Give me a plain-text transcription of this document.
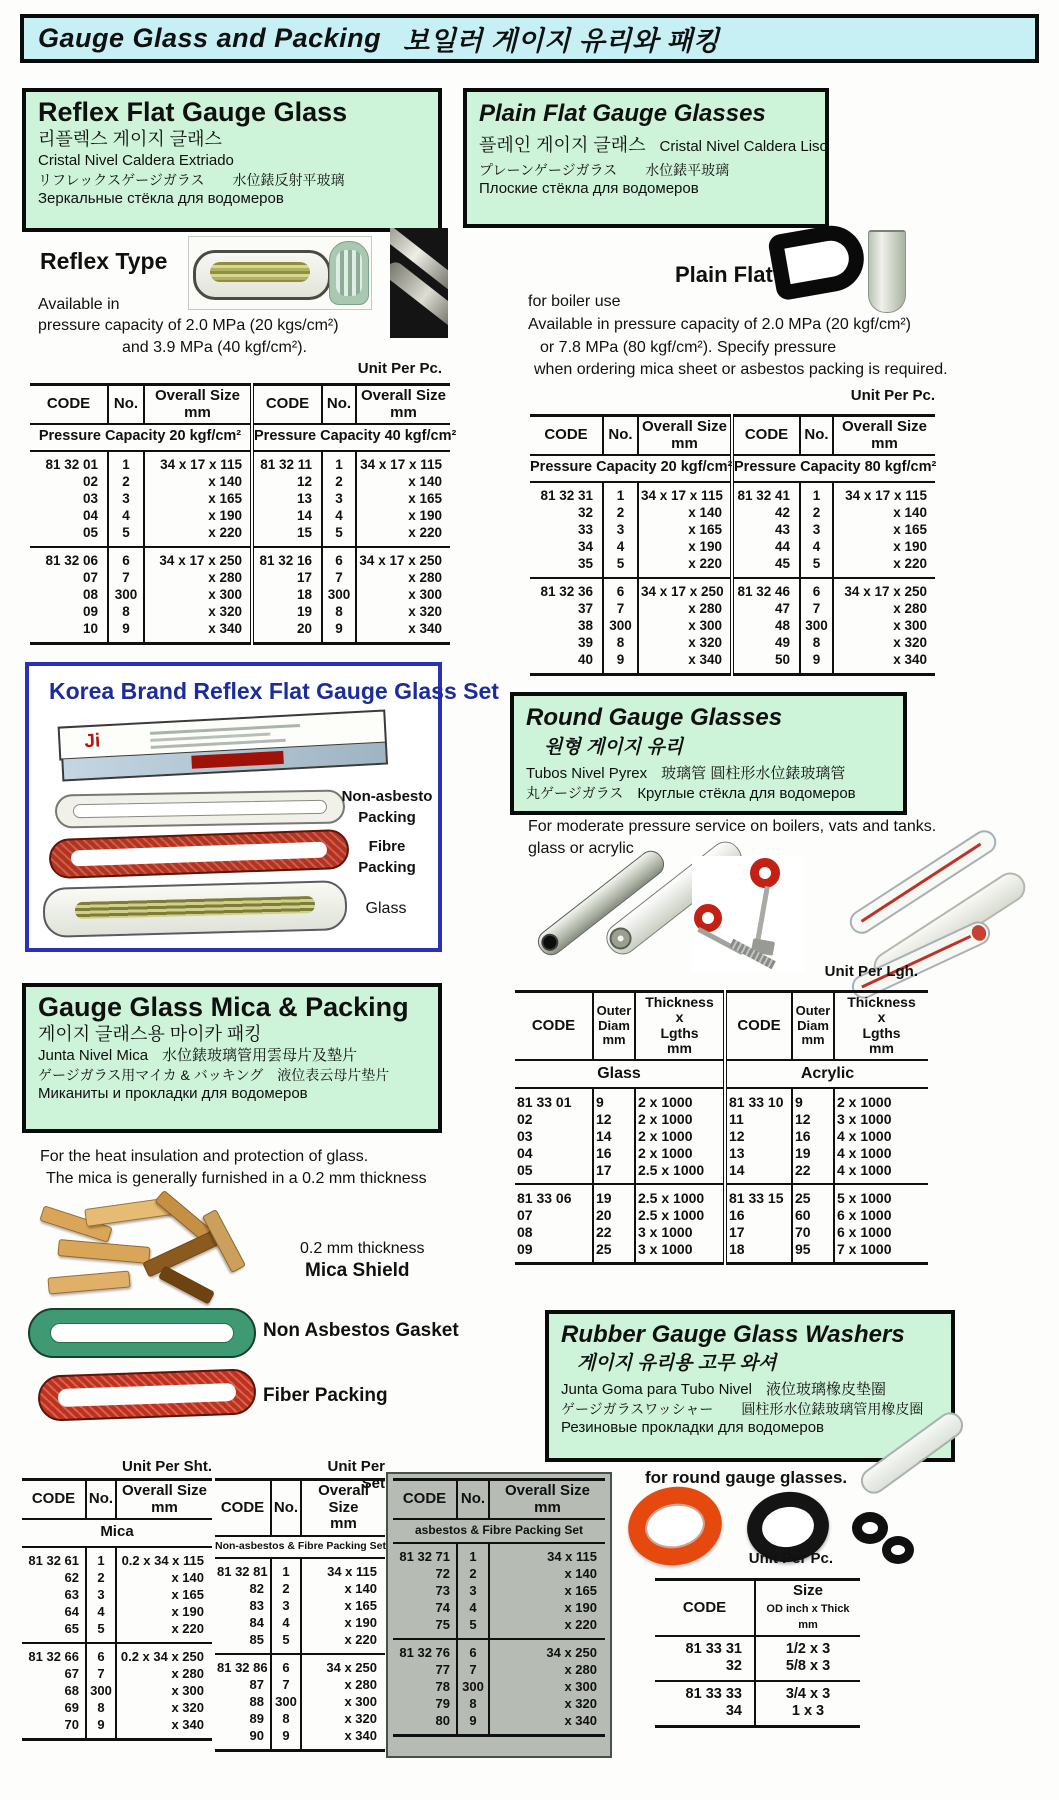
Gauge Glass and Packing 보일러 게이지 유리와 패킹
Reflex Flat Gauge Glass
리플렉스 게이지 글래스
Cristal Nivel Caldera Extriado
リフレックスゲージガラス 水位錶反射平玻璃
Зеркальные стёкла для водомеров
Reflex Type
Available in
pressure capacity of 2.0 MPa (20 kgs/cm²)
and 3.9 MPa (40 kgf/cm²).
Unit Per Pc.
CODE	No.	Overall Size
mm	CODE	No.	Overall Size
mm
Pressure Capacity 20 kgf/cm²			Pressure Capacity 40 kgf/cm²		
81 32 01	1	34 x 17 x 115	81 32 11	1	34 x 17 x 115
02	2	x 140	12	2	x 140
03	3	x 165	13	3	x 165
04	4	x 190	14	4	x 190
05	5	x 220	15	5	x 220
81 32 06	6	34 x 17 x 250	81 32 16	6	34 x 17 x 250
07	7	x 280	17	7	x 280
08	300	x 300	18	300	x 300
09	8	x 320	19	8	x 320
10	9	x 340	20	9	x 340
Korea Brand Reflex Flat Gauge Glass Set
Ji
Non-asbesto
Packing
Fibre
Packing
Glass
Gauge Glass Mica & Packing
게이지 글래스용 마이카 패킹
Junta Nivel Mica 水位錶玻璃管用雲母片及墊片
ゲージガラス用マイカ & バッキング 液位表云母片垫片
Миканиты и прокладки для водомеров
For the heat insulation and protection of glass.
The mica is generally furnished in a 0.2 mm thickness
0.2 mm thickness
Mica Shield
Non Asbestos Gasket
Fiber Packing
Unit Per Sht.	Unit Per Set
CODE	No.	Overall Size
mm
Mica		
81 32 61	1	0.2 x 34 x 115
62	2	x 140
63	3	x 165
64	4	x 190
65	5	x 220
81 32 66	6	0.2 x 34 x 250
67	7	x 280
68	300	x 300
69	8	x 320
70	9	x 340
CODE	No.	Overall Size
mm
Non-asbestos & Fibre Packing Set		
81 32 81	1	34 x 115
82	2	x 140
83	3	x 165
84	4	x 190
85	5	x 220
81 32 86	6	34 x 250
87	7	x 280
88	300	x 300
89	8	x 320
90	9	x 340
CODE	No.	Overall Size
mm
asbestos & Fibre Packing Set		
81 32 71	1	34 x 115
72	2	x 140
73	3	x 165
74	4	x 190
75	5	x 220
81 32 76	6	34 x 250
77	7	x 280
78	300	x 300
79	8	x 320
80	9	x 340
Plain Flat Gauge Glasses
플레인 게이지 글래스 Cristal Nivel Caldera Liso
プレーンゲージガラス 水位錶平玻璃
Плоские стёкла для водомеров
Plain Flat
for boiler use
Available in pressure capacity of 2.0 MPa (20 kgf/cm²)
or 7.8 MPa (80 kgf/cm²). Specify pressure
when ordering mica sheet or asbestos packing is required.
Unit Per Pc.
CODE	No.	Overall Size
mm	CODE	No.	Overall Size
mm
Pressure Capacity 20 kgf/cm²			Pressure Capacity 80 kgf/cm²		
81 32 31	1	34 x 17 x 115	81 32 41	1	34 x 17 x 115
32	2	x 140	42	2	x 140
33	3	x 165	43	3	x 165
34	4	x 190	44	4	x 190
35	5	x 220	45	5	x 220
81 32 36	6	34 x 17 x 250	81 32 46	6	34 x 17 x 250
37	7	x 280	47	7	x 280
38	300	x 300	48	300	x 300
39	8	x 320	49	8	x 320
40	9	x 340	50	9	x 340
Round Gauge Glasses
원형 게이지 유리
Tubos Nivel Pyrex 玻璃管 圓柱形水位錶玻璃管
丸ゲージガラス Круглые стёкла для водомеров
For moderate pressure service on boilers, vats and tanks.
glass or acrylic
Unit Per Lgh.
CODE	Outer
Diam
mm	Thickness
x
Lgths
mm	CODE	Outer
Diam
mm	Thickness
x
Lgths
mm
Glass			Acrylic		
81 33 01	9	2 x 1000	81 33 10	9	2 x 1000
02	12	2 x 1000	11	12	3 x 1000
03	14	2 x 1000	12	16	4 x 1000
04	16	2 x 1000	13	19	4 x 1000
05	17	2.5 x 1000	14	22	4 x 1000
81 33 06	19	2.5 x 1000	81 33 15	25	5 x 1000
07	20	2.5 x 1000	16	60	6 x 1000
08	22	3 x 1000	17	70	6 x 1000
09	25	3 x 1000	18	95	7 x 1000
Rubber Gauge Glass Washers
게이지 유리용 고무 와셔
Junta Goma para Tubo Nivel 液位玻璃橡皮垫圈
ゲージガラスワッシャー 圓柱形水位錶玻璃管用橡皮圈
Резиновые прокладки для водомеров
for round gauge glasses.
Unit Per Pc.
CODE	Size
OD inch x Thick mm
81 33 31	1/2 x 3
32	5/8 x 3
81 33 33	3/4 x 3
34	1 x 3
